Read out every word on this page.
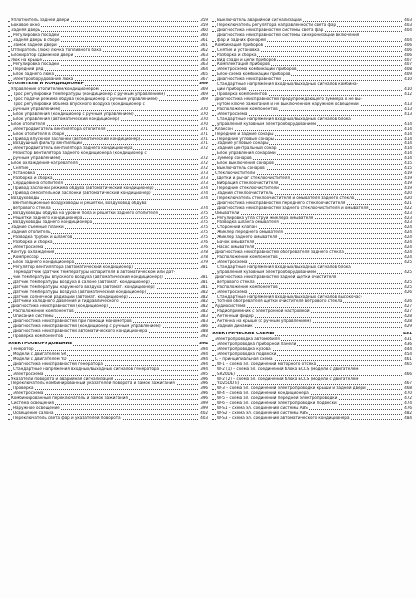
Уплотнитель задней двери	359
Боковое окно	359
Задняя дверь	360
Регулировка посадки	360
Задняя дверь в сборе	361
Замок задней двери	361
Отпиратель (люк) лючка топливного бака	362
Блокиратор сдвижной двери	363
Люк на крыше	363
Регулировка посадки	363
Передний ряд	364
Блок заднего люка	365
Электрооборудование люка	367
ОТОПИТЕЛЬ И КОНДИЦИОНЕР	369
Управление отопителем/кондиционером	369
Трос регулировки температуры (кондиционер с ручным управлением)	369
Трос подачи режима обдува (кондиционер с ручным управлением)	369
Трос регулировки объема впускного воздуха (кондиционер с
ручным управлением)	370
Блок управления (кондиционер с ручным управлением)	370
Блок управления (автоматический кондиционер)	370
Блок отопителя	370
Электродвигатель вентилятора отопителя	371
Блок отопителя в сборе	371
Привод впускной заслонки (автоматический кондиционер)	371
Воздушный фильтр вентиляции	371
Электродвигатель вентилятора заднего кондиционера	372
Резистор вентилятора заднего кондиционера (кондиционер с
ручным управлением)	372
Блок охлаждения-нагревателя	372
Снятие	372
Установка	373
Разборка и сборка	373
Сердцевина отопителя	373
Привод заслонки режима обдува (автоматический кондиционер)	374
Привод смесительной заслонки (автоматический кондиционер)	374
Воздуховоды	374
Вентиляционные воздуховоды и решетки, воздуховод обдува
ветрового стекла	374
Воздуховоды обдува на уровне пола и решетки заднего отопителя	375
Решетки заднего кондиционера	375
Воздуховоды заднего кондиционера	375
Задние съемные планки	375
Задний отопитель	375
Разводка трубок и шлангов	375
Разборка и сборка	376
Электросхема	376
Контур охлаждения	378
Компрессор	378
Блок заднего кондиционера	379
Регулятор вентилятора (автоматический кондиционер)	381
Термодатчик (датчик температуры испарителя в автоматическом или дат-
чик температуры впускного воздуха (автоматический кондиционер))	381
Датчик температуры воздуха в салоне (автомат. кондиционер)	381
Датчик температуры наружного воздуха (автомат. кондиционер)	381
Датчик температуры воздуха (автоматический кондиционер)	382
Датчик солнечной радиации (автомат. кондиционер)	382
Датчики холодного давления и гидравлического	382
Диагностика неисправностей (кондиционер)	382
Расположение компонентов	382
Описание системы	383
Диагностика неисправностей при помощи манометров	383
Диагностика неисправностей (кондиционер с ручным управлением)	386
Диагностика неисправностей автоматического кондиционера	388
Проверка компонентов	392
ЭЛЕКТРООБОРУДОВАНИЕ	394
Генератор	394
Модели с двигателем SR	394
Модели с двигателем YD	394
Диагностика неисправностей генератора	394
Стандартные напряжения входных/выходных сигналов генератора	394
Электросхема	395
Указатели поворота и аварийная сигнализация	396
Переключатель комбинированный указателей поворота и замок зажигания	396
Проверка	396
Электросхема	396
Комбинированный переключатель и замок зажигания	396
Система освещения	399
Наружное освещение	399
Освещение салона	402
Переключатель света фар и указателей поворота	403
Выключатель аварийной сигнализации	403
Переключатель регулятора направленности света фар	403
Диагностика неисправностей системы света фар	404
Диагностика неисправностей системы синхронизации включения
фар и задних фонарей	404
Комбинация приборов	406
Снятие и установка	406
Разборка и сборка	406
Вид сзади и цепи приборов	407
Комплектация приборов	407
Электросхема комбинации приборов	408
Блок-схема комбинации приборов	409
Диагностика неисправностей	410
Стандартные напряжения входных/выходных сигналов комбина-
ции приборов	410
Проверка компонентов	412
Диагностика неисправностей предупреждающего зуммера о не вы-
нутом ключе зажигания и не выключенном наружном освещении	413
Расположение компонентов	413
Электросхема	413
Стандартные напряжения входных/выходных сигналов блока
управления кузовным электрооборудованием	414
Клаксон	414
Передние и задние сонары	414
Передние угловые сонары	414
Задние угловые сонары	414
Задний центральный сонар	414
Блок управления сонарами	414
Зуммер сонаров	414
Блок выключения сонаров	415
Выключатель сонаров	415
Стеклоочистители	419
Щетки и рычаг стеклоочистителя	419
Вибрация стеклоочистителя	419
Передние стеклоочистители	419
Задний стеклоочиститель	420
Переключатель стеклоочистителя и омывателя заднего стекла	420
Диагностика неисправностей переднего стеклоочистителя	421
Диагностика неисправностей заднего стеклоочистителя и омывателя	422
Омыватели	423
Регулировка угла струи жиклера омывателя	423
Разводка шланга омывателя	423
Сторонний клапан	424
Жиклер переднего омывателя	424
Жиклер заднего омывателя	424
Бачок омывателя	424
Насос омывателя	424
Диагностика неисправностей обогревателя заднего стекла	424
Расположение компонентов	424
Электросхема	425
Стандартные напряжения входных/выходных сигналов блока
управления кузовным электрооборудованием	425
Диагностика неисправностей задней щетки очистителя
ветрового стекла	425
Расположение компонентов	425
Электросхема	426
Стандартные напряжения входных/выходных сигналов высокочас-
тотной обогревателя щетки очистителя ветрового стекла	426
Аудиосистема	427
Радиоприёмник с электронной настройкой	427
Антенный фидер	428
Антенна на крыше (с ручным управлением)	428
Задний динамик	429
ЭЛЕКТРИЧЕСКИЕ СХЕМЫ	431
Электропроводка автомобиля	431
Электропроводка приборной панели	436
Электропроводка кузова	444
Электропроводка подвески	454
C – принципиальная схема	461
W-1 – схема эл. соединений моторного отсека	465
W-2 (1) – схема эл. соединений блока ECCS (модели с двигателем
SR20DE)	466
W-2 (2) – схема эл. соединений блока ECCS (модели с двигателем
YD25DDTi)	467
W-3 – схема эл. соединений электропроводки крыши и задней двери	468
W-4 – схема эл. соединений кондиционера	470
W-5 – схема эл. соединений передней электропроводки	472
W-6 – схема эл. соединений электропроводки подвески	474
W-S1 – схема эл. соединений системы ABS	476
W-S2 – схема эл. соединений системы ABS	482
W-S3 – схема эл. соединений автоматического кондиционера	484
